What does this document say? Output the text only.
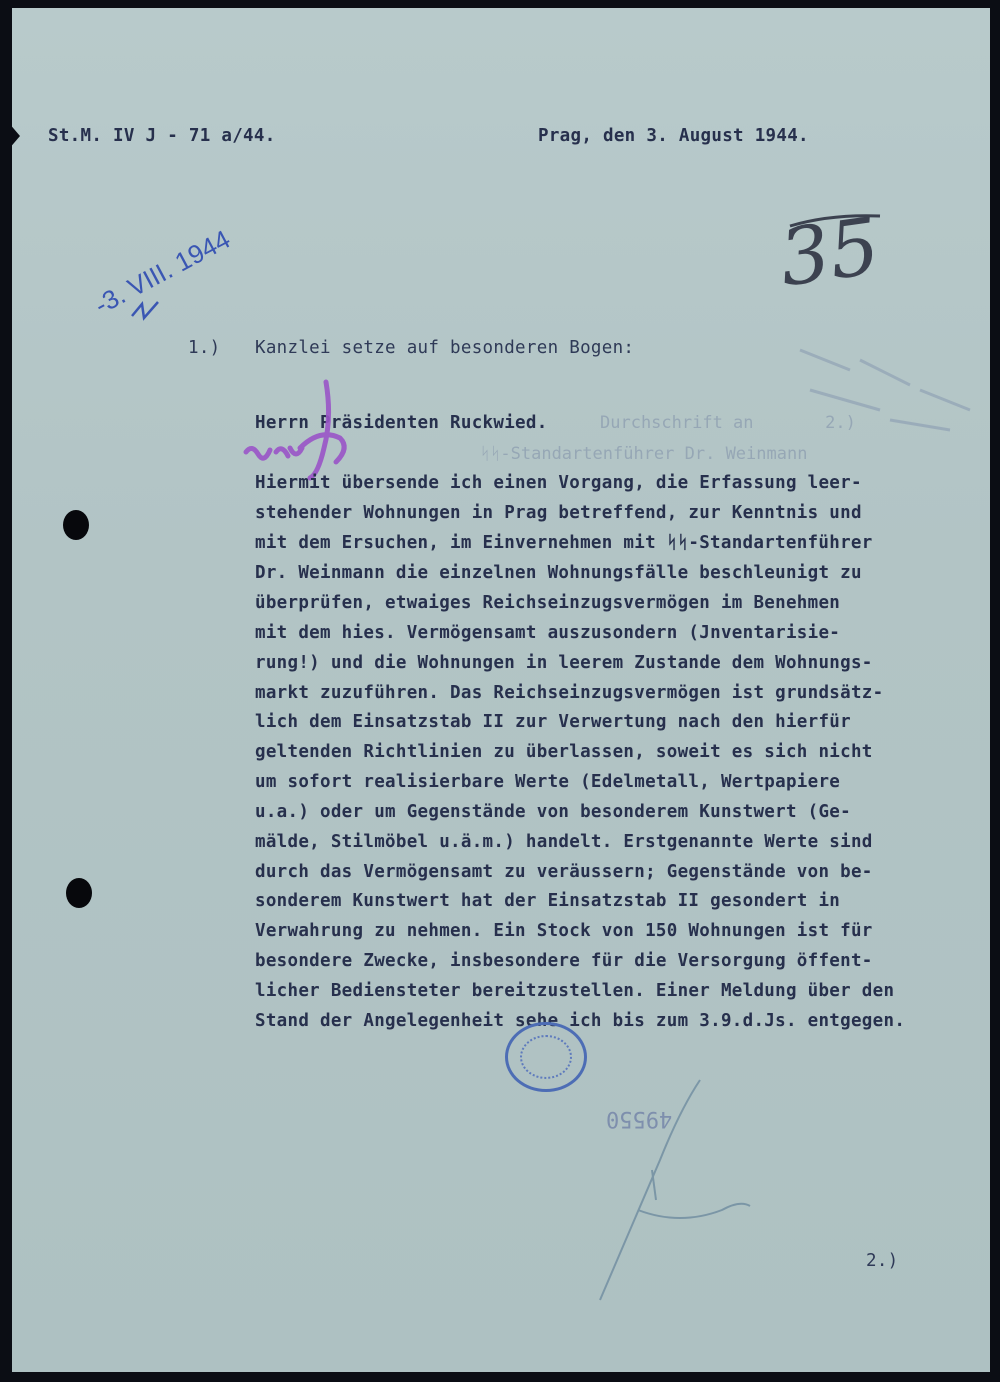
St.M. IV J - 71 a/44.	Prag, den 3. August 1944.
35
-3. VIII. 1944
1.) Kanzlei setze auf besonderen Bogen:
Herrn Präsidenten Ruckwied.	Durchschrift an       2.)
ᛋᛋ-Standartenführer Dr. Weinmann
Hiermit übersende ich einen Vorgang, die Erfassung leer-
stehender Wohnungen in Prag betreffend, zur Kenntnis und
mit dem Ersuchen, im Einvernehmen mit ᛋᛋ-Standartenführer
Dr. Weinmann die einzelnen Wohnungsfälle beschleunigt zu
überprüfen, etwaiges Reichseinzugsvermögen im Benehmen
mit dem hies. Vermögensamt auszusondern (Jnventarisie-
rung!) und die Wohnungen in leerem Zustande dem Wohnungs-
markt zuzuführen. Das Reichseinzugsvermögen ist grundsätz-
lich dem Einsatzstab II zur Verwertung nach den hierfür
geltenden Richtlinien zu überlassen, soweit es sich nicht
um sofort realisierbare Werte (Edelmetall, Wertpapiere
u.a.) oder um Gegenstände von besonderem Kunstwert (Ge-
mälde, Stilmöbel u.ä.m.) handelt. Erstgenannte Werte sind
durch das Vermögensamt zu veräussern; Gegenstände von be-
sonderem Kunstwert hat der Einsatzstab II gesondert in
Verwahrung zu nehmen. Ein Stock von 150 Wohnungen ist für
besondere Zwecke, insbesondere für die Versorgung öffent-
licher Bediensteter bereitzustellen. Einer Meldung über den
Stand der Angelegenheit sehe ich bis zum 3.9.d.Js. entgegen.
49550
2.)
